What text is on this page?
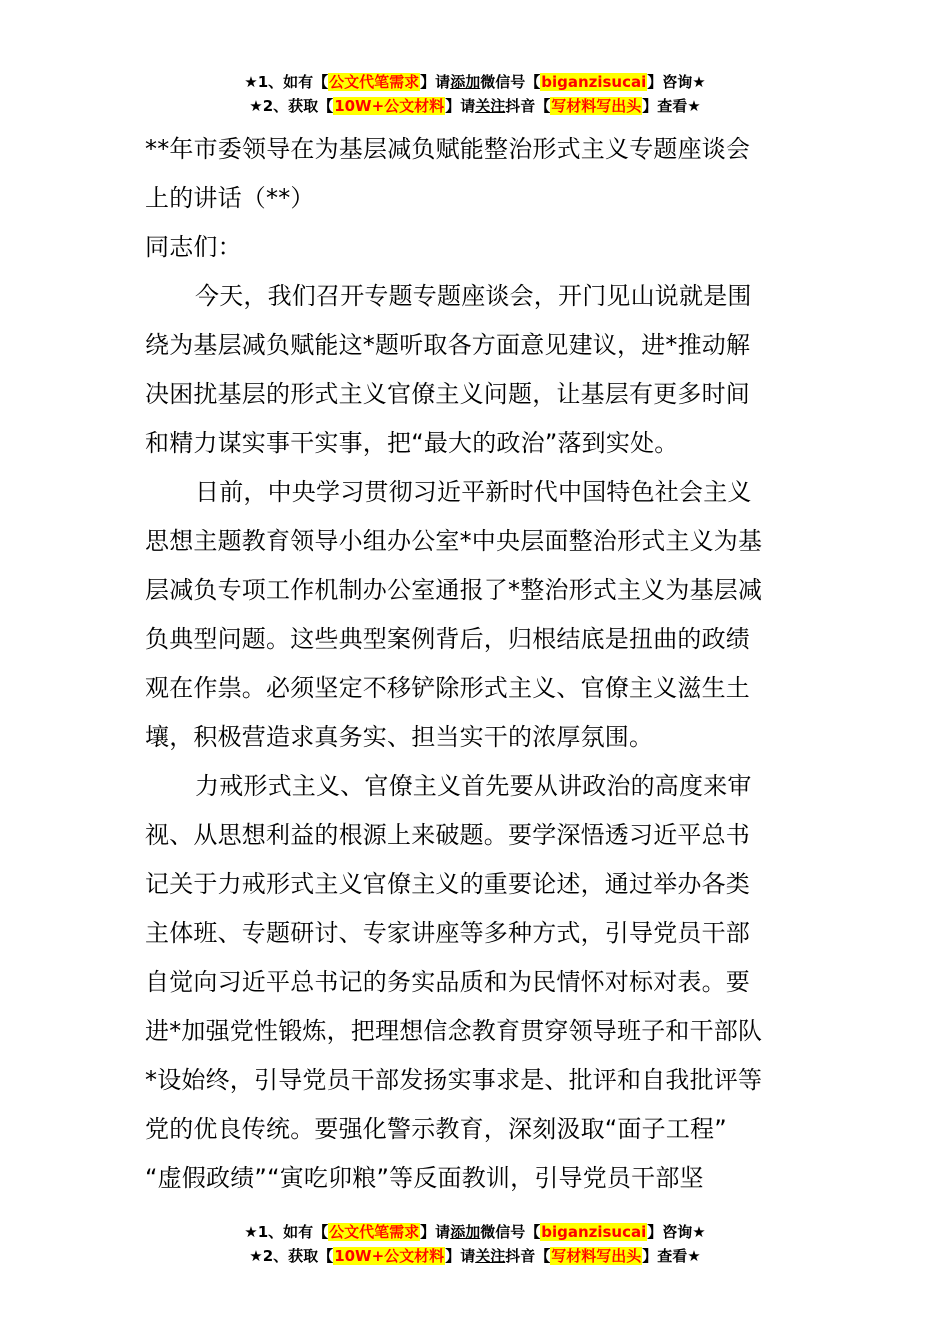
★1、如有【公文代笔需求】请添加微信号【biganzisucai】咨询★
★2、获取【10W+公文材料】请关注抖音【写材料写出头】查看★
**年市委领导在为基层减负赋能整治形式主义专题座谈会
上的讲话（**）
同志们：
今天，我们召开专题专题座谈会，开门见山说就是围
绕为基层减负赋能这*题听取各方面意见建议，进*推动解
决困扰基层的形式主义官僚主义问题，让基层有更多时间
和精力谋实事干实事，把“最大的政治”落到实处。
日前，中央学习贯彻习近平新时代中国特色社会主义
思想主题教育领导小组办公室*中央层面整治形式主义为基
层减负专项工作机制办公室通报了*整治形式主义为基层减
负典型问题。这些典型案例背后，归根结底是扭曲的政绩
观在作祟。必须坚定不移铲除形式主义、官僚主义滋生土
壤，积极营造求真务实、担当实干的浓厚氛围。
力戒形式主义、官僚主义首先要从讲政治的高度来审
视、从思想利益的根源上来破题。要学深悟透习近平总书
记关于力戒形式主义官僚主义的重要论述，通过举办各类
主体班、专题研讨、专家讲座等多种方式，引导党员干部
自觉向习近平总书记的务实品质和为民情怀对标对表。要
进*加强党性锻炼，把理想信念教育贯穿领导班子和干部队
*设始终，引导党员干部发扬实事求是、批评和自我批评等
党的优良传统。要强化警示教育，深刻汲取“面子工程”
“虚假政绩”“寅吃卯粮”等反面教训，引导党员干部坚
★1、如有【公文代笔需求】请添加微信号【biganzisucai】咨询★
★2、获取【10W+公文材料】请关注抖音【写材料写出头】查看★
